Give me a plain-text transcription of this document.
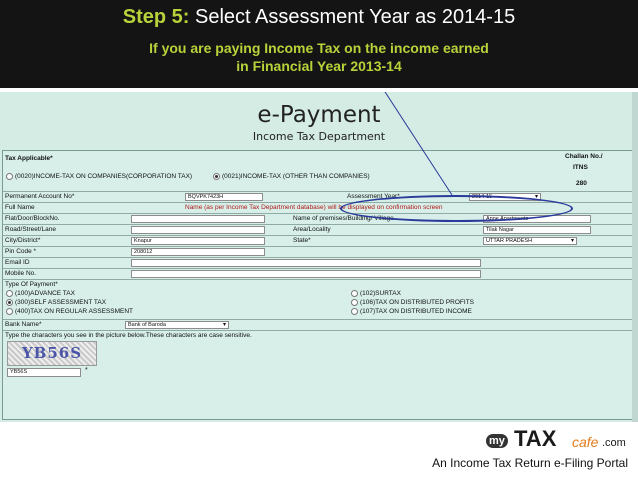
Step 5: Select Assessment Year as 2014-15
If you are paying Income Tax on the income earned
in Financial Year 2013-14
e-Payment
Income Tax Department
Tax Applicable*
(0020)INCOME-TAX ON COMPANIES(CORPORATION TAX)	(0021)INCOME-TAX (OTHER THAN COMPANIES)
Challan No./
ITNS
280
Permanent Account No*	BQVPK7423H	Assessment Year*	2014-15 ▾
Full Name	Name (as per Income Tax Department database) will be displayed on confirmation screen
Flat/Door/BlockNo.	Name of premises/Building/ Village	Apne Apartments
Road/Street/Lane	Area/Locality	Tilak Nagar
City/District*	Knapur	State*	UTTAR PRADESH ▾
Pin Code *	208012
Email ID
Mobile No.
Type Of Payment*
(100)ADVANCE TAX
(300)SELF ASSESSMENT TAX
(400)TAX ON REGULAR ASSESSMENT
(102)SURTAX
(106)TAX ON DISTRIBUTED PROFITS
(107)TAX ON DISTRIBUTED INCOME
Bank Name*	Bank of Baroda ▾
Type the characters you see in the picture below.These characters are case sensitive.
YB56S
YB56S	*
my TAX cafe .com
An Income Tax Return e-Filing Portal
